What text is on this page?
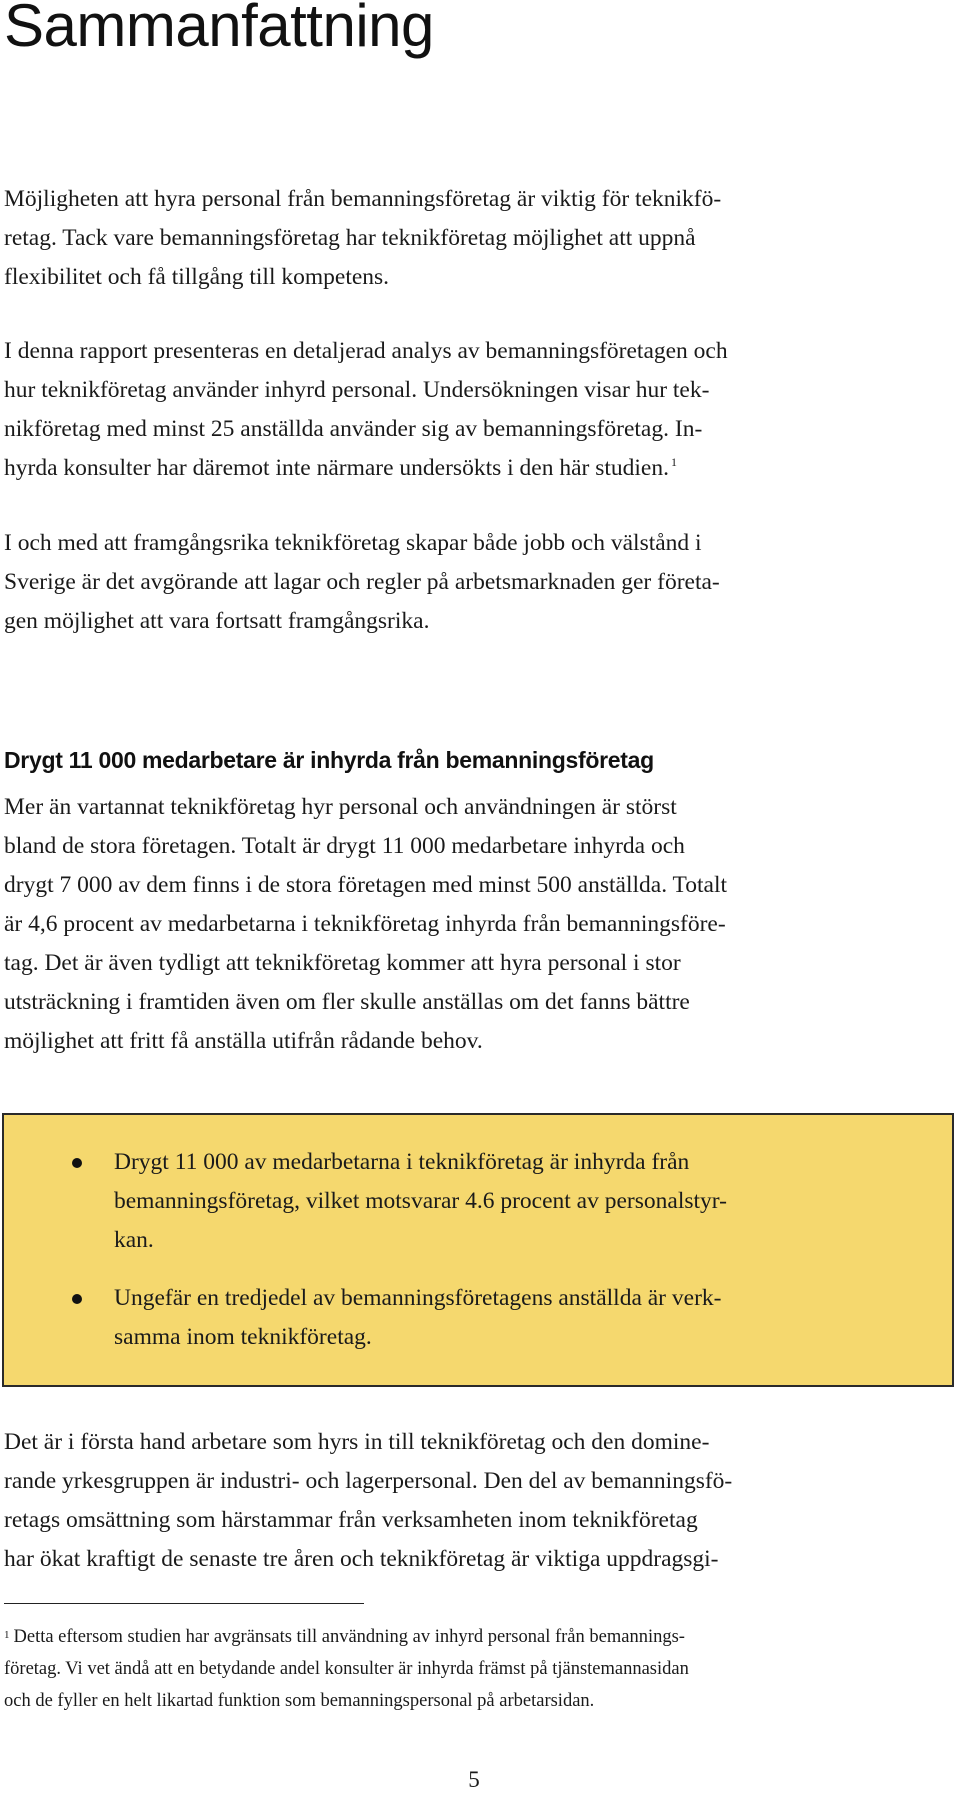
Sammanfattning

Möjligheten att hyra personal från bemanningsföretag är viktig för teknikfö-
retag. Tack vare bemanningsföretag har teknikföretag möjlighet att uppnå
flexibilitet och få tillgång till kompetens.

I denna rapport presenteras en detaljerad analys av bemanningsföretagen och
hur teknikföretag använder inhyrd personal. Undersökningen visar hur tek-
nikföretag med minst 25 anställda använder sig av bemanningsföretag. In-
hyrda konsulter har däremot inte närmare undersökts i den här studien. $^1$

I och med att framgångsrika teknikföretag skapar både jobb och välstånd i
Sverige är det avgörande att lagar och regler på arbetsmarknaden ger företa-
gen möjlighet att vara fortsatt framgångsrika.

Drygt 11 000 medarbetare är inhyrda från bemanningsföretag

Mer än vartannat teknikföretag hyr personal och användningen är störst
bland de stora företagen. Totalt är drygt 11 000 medarbetare inhyrda och
drygt 7 000 av dem finns i de stora företagen med minst 500 anställda. Totalt
är 4,6 procent av medarbetarna i teknikföretag inhyrda från bemanningsföre-
tag. Det är även tydligt att teknikföretag kommer att hyra personal i stor
utsträckning i framtiden även om fler skulle anställas om det fanns bättre
möjlighet att fritt få anställa utifrån rådande behov.

Drygt 11 000 av medarbetarna i teknikföretag är inhyrda från
bemanningsföretag, vilket motsvarar 4.6 procent av personalstyr-
kan.
Ungefär en tredjedel av bemanningsföretagens anställda är verk-
samma inom teknikföretag.

Det är i första hand arbetare som hyrs in till teknikföretag och den domine-
rande yrkesgruppen är industri- och lagerpersonal. Den del av bemanningsfö-
retags omsättning som härstammar från verksamheten inom teknikföretag
har ökat kraftigt de senaste tre åren och teknikföretag är viktiga uppdragsgi-

$^1$ Detta eftersom studien har avgränsats till användning av inhyrd personal från bemannings-
företag. Vi vet ändå att en betydande andel konsulter är inhyrda främst på tjänstemannasidan
och de fyller en helt likartad funktion som bemanningspersonal på arbetarsidan.

5
